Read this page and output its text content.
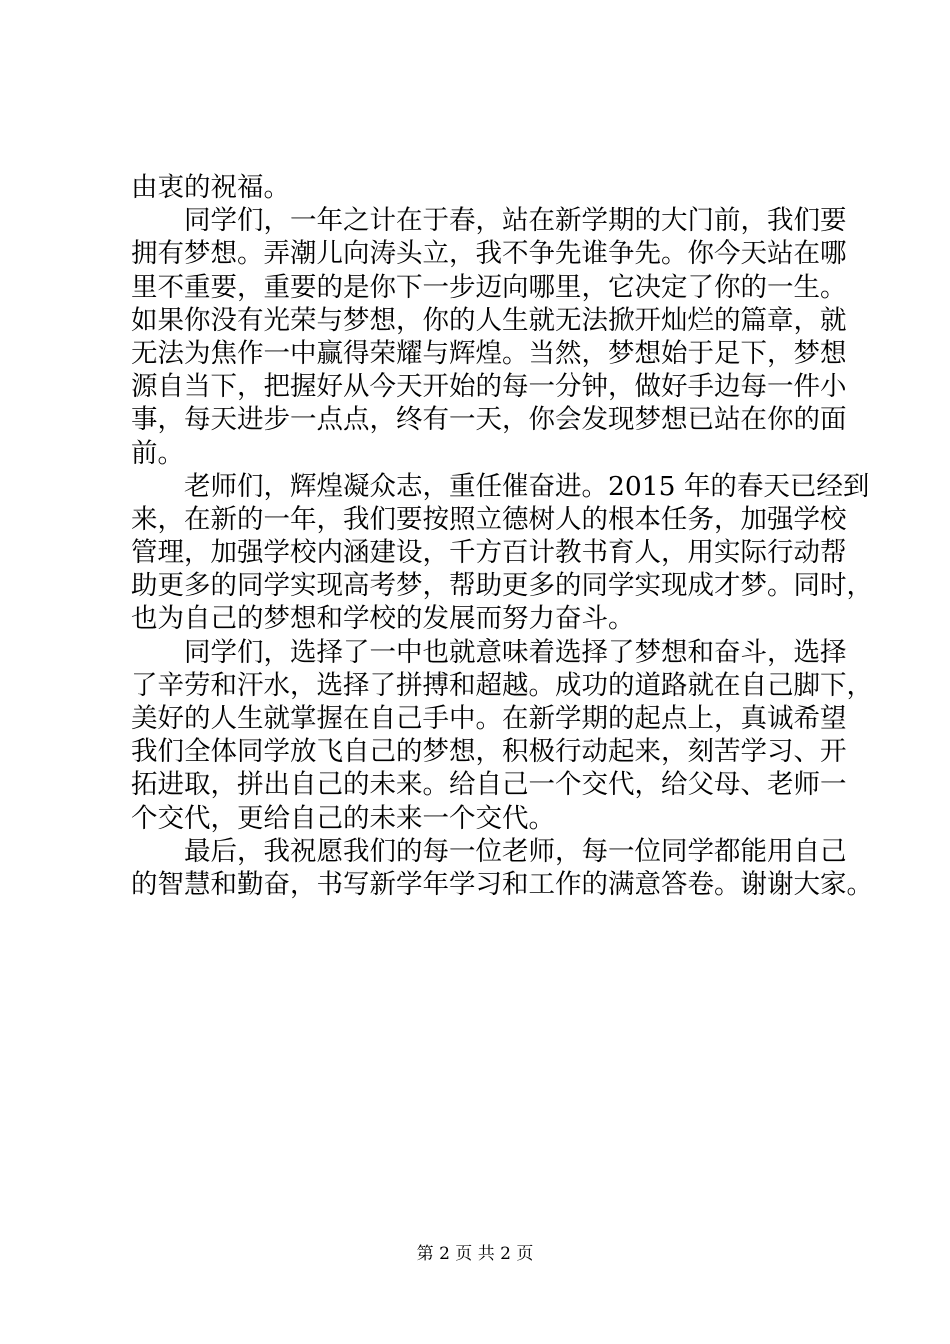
由衷的祝福。
同学们，一年之计在于春，站在新学期的大门前，我们要
拥有梦想。弄潮儿向涛头立，我不争先谁争先。你今天站在哪
里不重要，重要的是你下一步迈向哪里，它决定了你的一生。
如果你没有光荣与梦想，你的人生就无法掀开灿烂的篇章，就
无法为焦作一中赢得荣耀与辉煌。当然，梦想始于足下，梦想
源自当下，把握好从今天开始的每一分钟，做好手边每一件小
事，每天进步一点点，终有一天，你会发现梦想已站在你的面
前。
老师们，辉煌凝众志，重任催奋进。2015 年的春天已经到
来，在新的一年，我们要按照立德树人的根本任务，加强学校
管理，加强学校内涵建设，千方百计教书育人，用实际行动帮
助更多的同学实现高考梦，帮助更多的同学实现成才梦。同时，
也为自己的梦想和学校的发展而努力奋斗。
同学们，选择了一中也就意味着选择了梦想和奋斗，选择
了辛劳和汗水，选择了拼搏和超越。成功的道路就在自己脚下，
美好的人生就掌握在自己手中。在新学期的起点上，真诚希望
我们全体同学放飞自己的梦想，积极行动起来，刻苦学习、开
拓进取，拼出自己的未来。给自己一个交代，给父母、老师一
个交代，更给自己的未来一个交代。
最后，我祝愿我们的每一位老师，每一位同学都能用自己
的智慧和勤奋，书写新学年学习和工作的满意答卷。谢谢大家。
第 2 页 共 2 页
